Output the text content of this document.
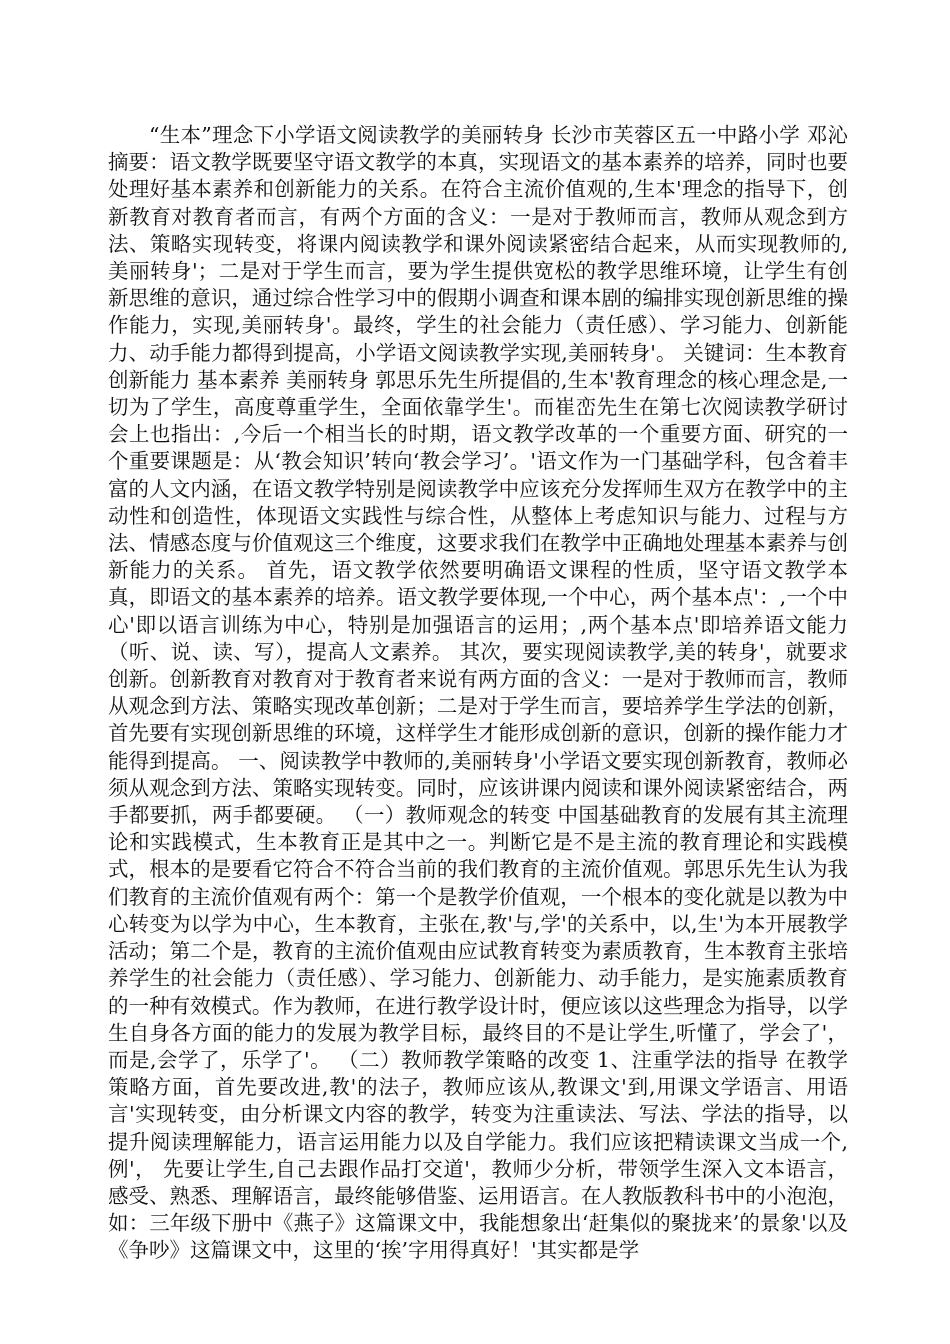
“生本”理念下小学语文阅读教学的美丽转身 长沙市芙蓉区五一中路小学 邓沁　 摘要：语文教学既要坚守语文教学的本真，实现语文的基本素养的培养，同时也要处理好基本素养和创新能力的关系。在符合主流价值观的,生本'理念的指导下，创新教育对教育者而言，有两个方面的含义：一是对于教师而言，教师从观念到方法、策略实现转变，将课内阅读教学和课外阅读紧密结合起来，从而实现教师的,美丽转身'；二是对于学生而言，要为学生提供宽松的教学思维环境，让学生有创新思维的意识，通过综合性学习中的假期小调查和课本剧的编排实现创新思维的操作能力，实现,美丽转身'。最终，学生的社会能力（责任感）、学习能力、创新能力、动手能力都得到提高，小学语文阅读教学实现,美丽转身'。 关键词：生本教育 创新能力 基本素养 美丽转身 郭思乐先生所提倡的,生本'教育理念的核心理念是,一切为了学生，高度尊重学生，全面依靠学生'。而崔峦先生在第七次阅读教学研讨会上也指出：,今后一个相当长的时期，语文教学改革的一个重要方面、研究的一个重要课题是：从‘教会知识’转向‘教会学习’。'语文作为一门基础学科，包含着丰富的人文内涵，在语文教学特别是阅读教学中应该充分发挥师生双方在教学中的主动性和创造性，体现语文实践性与综合性，从整体上考虑知识与能力、过程与方法、情感态度与价值观这三个维度，这要求我们在教学中正确地处理基本素养与创新能力的关系。 首先，语文教学依然要明确语文课程的性质，坚守语文教学本真，即语文的基本素养的培养。语文教学要体现,一个中心，两个基本点'：,一个中心'即以语言训练为中心，特别是加强语言的运用；,两个基本点'即培养语文能力（听、说、读、写），提高人文素养。 其次，要实现阅读教学,美的转身'，就要求创新。创新教育对教育对于教育者来说有两方面的含义：一是对于教师而言，教师从观念到方法、策略实现改革创新；二是对于学生而言，要培养学生学法的创新，首先要有实现创新思维的环境，这样学生才能形成创新的意识，创新的操作能力才能得到提高。 一、阅读教学中教师的,美丽转身'小学语文要实现创新教育，教师必须从观念到方法、策略实现转变。同时，应该讲课内阅读和课外阅读紧密结合，两手都要抓，两手都要硬。 （一）教师观念的转变 中国基础教育的发展有其主流理论和实践模式，生本教育正是其中之一。判断它是不是主流的教育理论和实践模式，根本的是要看它符合不符合当前的我们教育的主流价值观。郭思乐先生认为我们教育的主流价值观有两个：第一个是教学价值观，一个根本的变化就是以教为中心转变为以学为中心，生本教育，主张在,教'与,学'的关系中，以,生'为本开展教学活动；第二个是，教育的主流价值观由应试教育转变为素质教育，生本教育主张培养学生的社会能力（责任感）、学习能力、创新能力、动手能力，是实施素质教育的一种有效模式。作为教师，在进行教学设计时，便应该以这些理念为指导，以学生自身各方面的能力的发展为教学目标，最终目的不是让学生,听懂了，学会了'，而是,会学了，乐学了'。 （二）教师教学策略的改变 1、注重学法的指导 在教学策略方面，首先要改进,教'的法子，教师应该从,教课文'到,用课文学语言、用语言'实现转变，由分析课文内容的教学，转变为注重读法、写法、学法的指导，以提升阅读理解能力，语言运用能力以及自学能力。我们应该把精读课文当成一个,例'， 先要让学生,自己去跟作品打交道'，教师少分析，带领学生深入文本语言，感受、熟悉、理解语言，最终能够借鉴、运用语言。在人教版教科书中的小泡泡，如：三年级下册中《燕子》这篇课文中，我能想象出‘赶集似的聚拢来’的景象'以及《争吵》这篇课文中，这里的‘挨’字用得真好！'其实都是学
